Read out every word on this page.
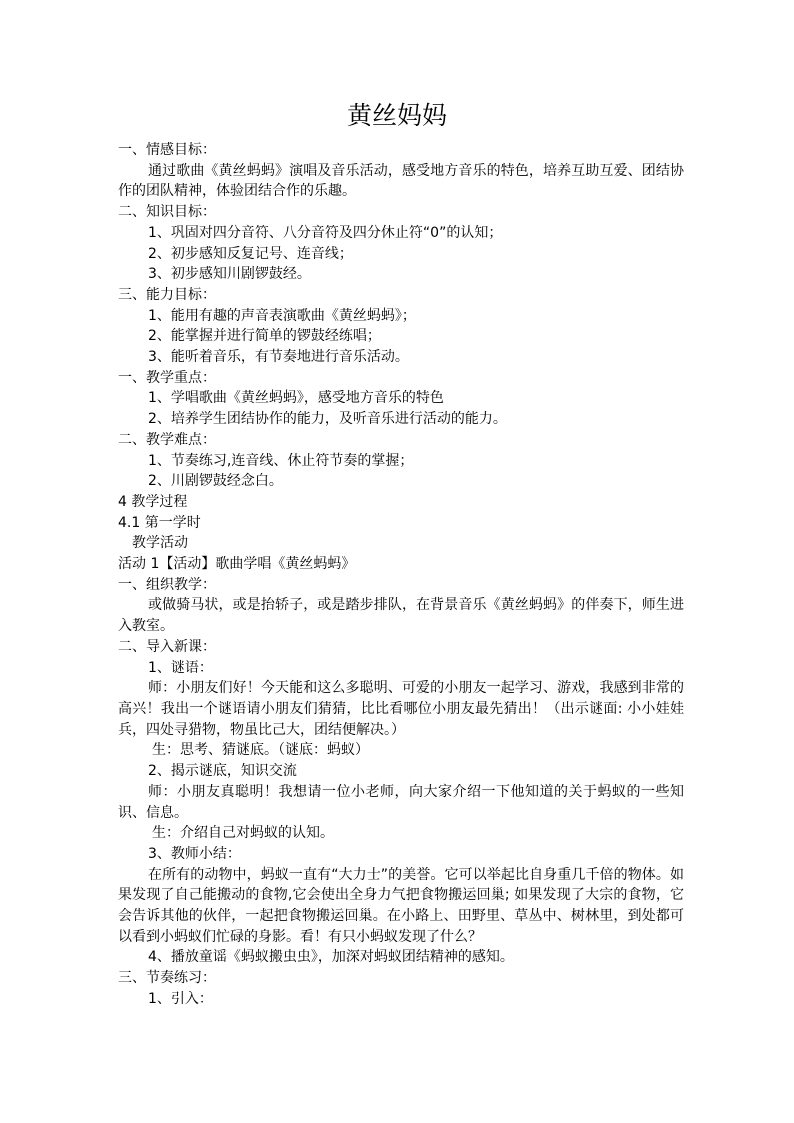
黄丝妈妈
一、情感目标：
通过歌曲《黄丝蚂蚂》演唱及音乐活动，感受地方音乐的特色，培养互助互爱、团结协作的团队精神，体验团结合作的乐趣。
二、知识目标：
1、巩固对四分音符、八分音符及四分休止符“0”的认知；
2、初步感知反复记号、连音线；
3、初步感知川剧锣鼓经。
三、能力目标：
1、能用有趣的声音表演歌曲《黄丝蚂蚂》；
2、能掌握并进行简单的锣鼓经练唱；
3、能听着音乐，有节奏地进行音乐活动。
一、教学重点：
1、学唱歌曲《黄丝蚂蚂》，感受地方音乐的特色
2、培养学生团结协作的能力，及听音乐进行活动的能力。
二、教学难点：
1、节奏练习,连音线、休止符节奏的掌握；
2、川剧锣鼓经念白。
4 教学过程
4.1 第一学时
教学活动
活动 1【活动】歌曲学唱《黄丝蚂蚂》
一、组织教学：
或做骑马状，或是抬轿子，或是踏步排队，在背景音乐《黄丝蚂蚂》的伴奏下，师生进入教室。
二、导入新课：
1、谜语：
师：小朋友们好！今天能和这么多聪明、可爱的小朋友一起学习、游戏，我感到非常的高兴！我出一个谜语请小朋友们猜猜，比比看哪位小朋友最先猜出！（出示谜面: 小小娃娃兵，四处寻猎物，物虽比己大，团结便解决。）
生：思考、猜谜底。（谜底：蚂蚁）
2、揭示谜底，知识交流
师：小朋友真聪明！我想请一位小老师，向大家介绍一下他知道的关于蚂蚁的一些知识、信息。
生：介绍自己对蚂蚁的认知。
3、教师小结：
在所有的动物中，蚂蚁一直有“大力士”的美誉。它可以举起比自身重几千倍的物体。如果发现了自己能搬动的食物,它会使出全身力气把食物搬运回巢; 如果发现了大宗的食物，它会告诉其他的伙伴，一起把食物搬运回巢。在小路上、田野里、草丛中、树林里，到处都可以看到小蚂蚁们忙碌的身影。看！有只小蚂蚁发现了什么？
4、播放童谣《蚂蚁搬虫虫》，加深对蚂蚁团结精神的感知。
三、节奏练习：
1、引入：
